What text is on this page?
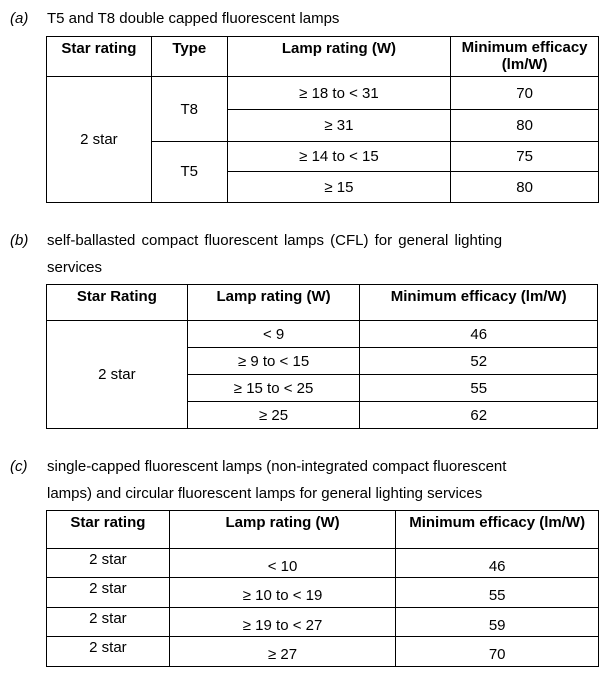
(a) T5 and T8 double capped fluorescent lamps
Star rating	Type	Lamp rating (W)	Minimum efficacy (lm/W)
2 star	T8	≥ 18 to < 31	70
		≥ 31	80
	T5	≥ 14 to < 15	75
		≥ 15	80
(b) self-ballasted compact fluorescent lamps (CFL) for general lighting
services
Star Rating	Lamp rating (W)	Minimum efficacy (lm/W)
2 star	< 9	46
	≥ 9 to < 15	52
	≥ 15 to < 25	55
	≥ 25	62
(c) single-capped fluorescent lamps (non-integrated compact fluorescent
lamps) and circular fluorescent lamps for general lighting services
Star rating	Lamp rating (W)	Minimum efficacy (lm/W)
2 star	< 10	46
2 star	≥ 10 to < 19	55
2 star	≥ 19 to < 27	59
2 star	≥ 27	70
